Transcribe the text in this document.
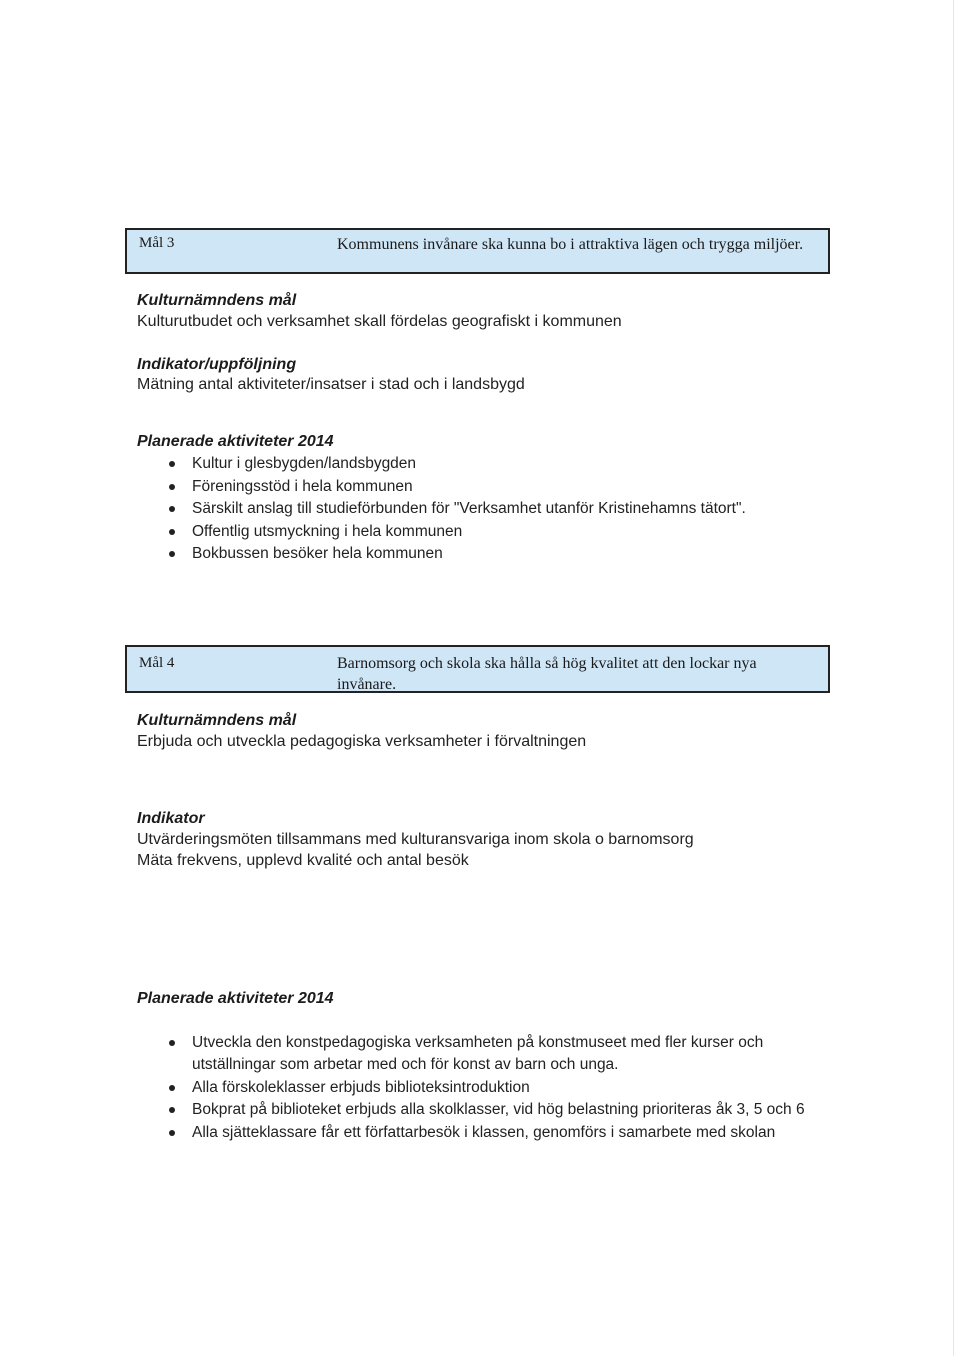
Mål 3	Kommunens invånare ska kunna bo i attraktiva lägen och trygga miljöer.
Kulturnämndens mål

Kulturutbudet och verksamhet skall fördelas geografiskt i kommunen

Indikator/uppföljning

Mätning antal aktiviteter/insatser i stad och i landsbygd

Planerade aktiviteter 2014
Kultur i glesbygden/landsbygden
Föreningsstöd i hela kommunen
Särskilt anslag till studieförbunden för "Verksamhet utanför Kristinehamns tätort".
Offentlig utsmyckning i hela kommunen
Bokbussen besöker hela kommunen
Mål 4	Barnomsorg och skola ska hålla så hög kvalitet att den lockar nya invånare.
Kulturnämndens mål

Erbjuda och utveckla pedagogiska verksamheter i förvaltningen

Indikator

Utvärderingsmöten tillsammans med kulturansvariga inom skola o barnomsorg

Mäta frekvens, upplevd kvalité och antal besök

Planerade aktiviteter 2014
Utveckla den konstpedagogiska verksamheten på konstmuseet med fler kurser och utställningar som arbetar med och för konst av barn och unga.
Alla förskoleklasser erbjuds biblioteksintroduktion
Bokprat på biblioteket erbjuds alla skolklasser, vid hög belastning prioriteras åk 3, 5 och 6
Alla sjätteklassare får ett författarbesök i klassen, genomförs i samarbete med skolan
